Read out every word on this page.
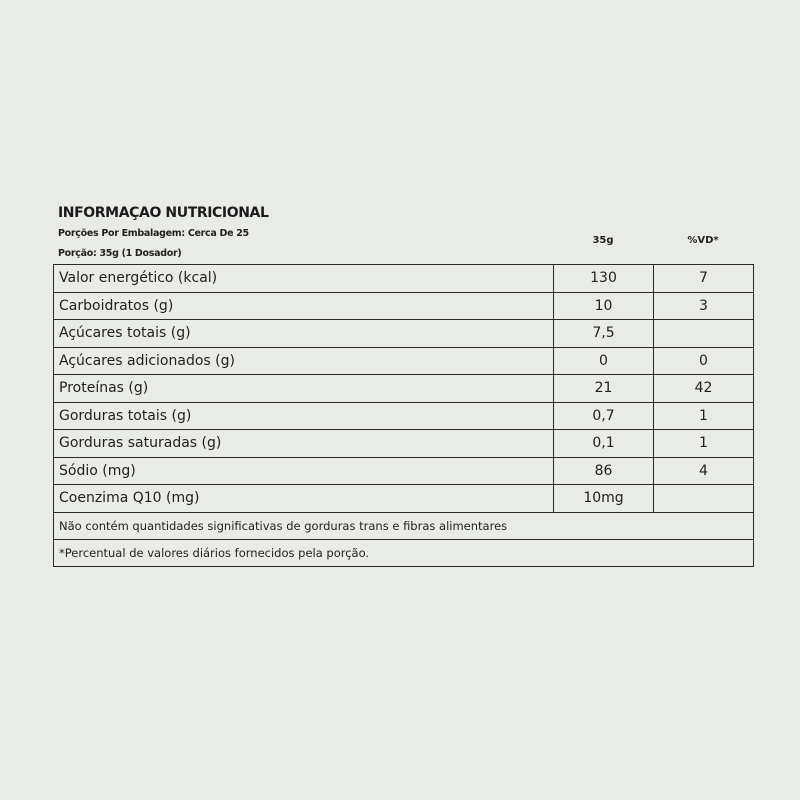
INFORMAÇAO NUTRICIONAL
Porções Por Embalagem: Cerca De 25
Porção: 35g (1 Dosador)
35g	%VD*
Valor energético (kcal)	130	7
Carboidratos (g)	10	3
Açúcares totais (g)	7,5	
Açúcares adicionados (g)	0	0
Proteínas (g)	21	42
Gorduras totais (g)	0,7	1
Gorduras saturadas (g)	0,1	1
Sódio (mg)	86	4
Coenzima Q10 (mg)	10mg	
Não contém quantidades significativas de gorduras trans e fibras alimentares		
*Percentual de valores diários fornecidos pela porção.		
